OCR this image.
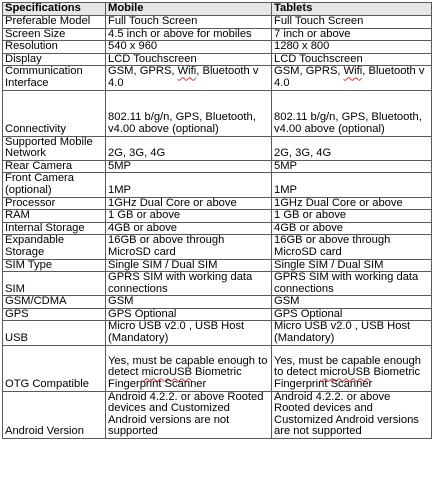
Specifications	Mobile	Tablets
Preferable Model	Full Touch Screen	Full Touch Screen
Screen Size	4.5 inch or above for mobiles	7 inch or above
Resolution	540 x 960	1280 x 800
Display	LCD Touchscreen	LCD Touchscreen
Communication Interface	GSM, GPRS, Wifi, Bluetooth v 4.0	GSM, GPRS, Wifi, Bluetooth v 4.0
Connectivity	802.11 b/g/n, GPS, Bluetooth, v4.00 above (optional)	802.11 b/g/n, GPS, Bluetooth, v4.00 above (optional)
Supported Mobile Network	2G, 3G, 4G	2G, 3G, 4G
Rear Camera	5MP	5MP
Front Camera (optional)	1MP	1MP
Processor	1GHz Dual Core or above	1GHz Dual Core or above
RAM	1 GB or above	1 GB or above
Internal Storage	4GB or above	4GB or above
Expandable Storage	16GB or above through MicroSD card	16GB or above through MicroSD card
SIM Type	Single SIM / Dual SIM	Single SIM / Dual SIM
SIM	GPRS SIM with working data connections	GPRS SIM with working data connections
GSM/CDMA	GSM	GSM
GPS	GPS Optional	GPS Optional
USB	Micro USB v2.0 , USB Host (Mandatory)	Micro USB v2.0 , USB Host (Mandatory)
OTG Compatible	Yes, must be capable enough to detect microUSB Biometric Fingerprint Scanner	Yes, must be capable enough to detect microUSB Biometric Fingerprint Scanner
Android Version	Android 4.2.2. or above Rooted devices and Customized Android versions are not supported	Android 4.2.2. or above Rooted devices and Customized Android versions are not supported
